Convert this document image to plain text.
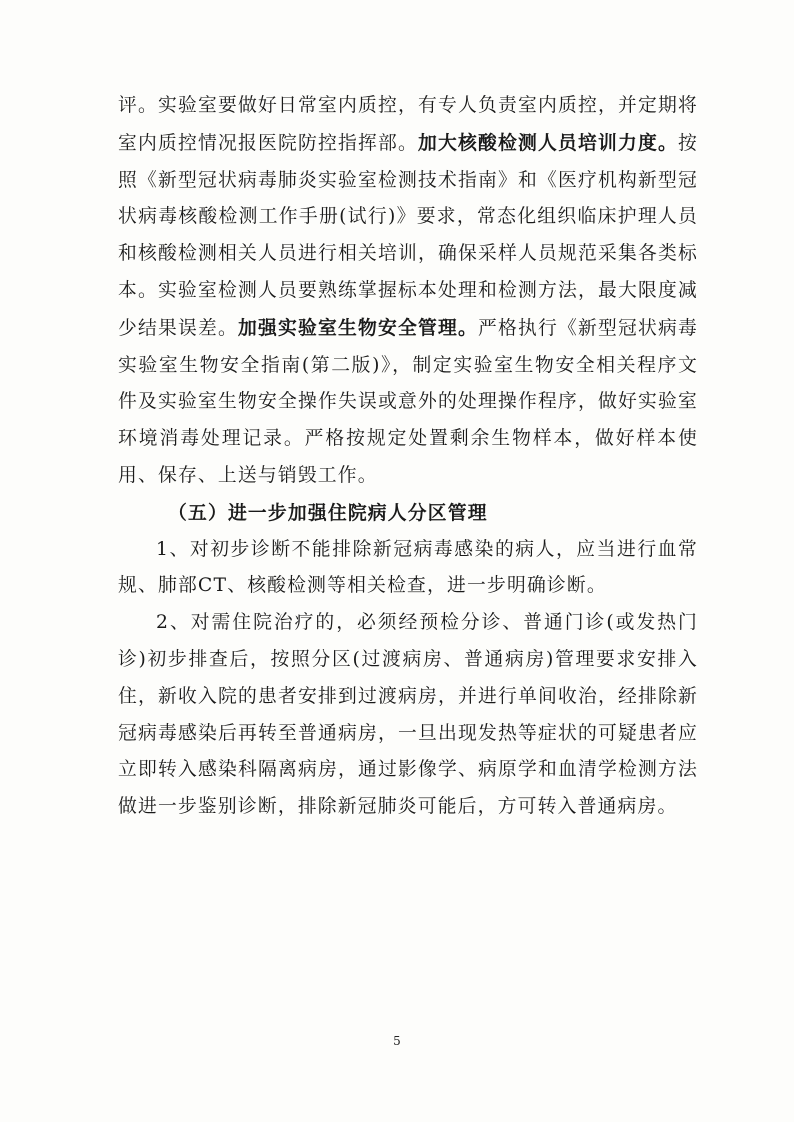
评。实验室要做好日常室内质控，有专人负责室内质控，并定期将室内质控情况报医院防控指挥部。加大核酸检测人员培训力度。按照《新型冠状病毒肺炎实验室检测技术指南》和《医疗机构新型冠状病毒核酸检测工作手册(试行)》要求，常态化组织临床护理人员和核酸检测相关人员进行相关培训，确保采样人员规范采集各类标本。实验室检测人员要熟练掌握标本处理和检测方法，最大限度减少结果误差。加强实验室生物安全管理。严格执行《新型冠状病毒实验室生物安全指南(第二版)》，制定实验室生物安全相关程序文件及实验室生物安全操作失误或意外的处理操作程序，做好实验室环境消毒处理记录。严格按规定处置剩余生物样本，做好样本使用、保存、上送与销毁工作。

（五）进一步加强住院病人分区管理

1、对初步诊断不能排除新冠病毒感染的病人，应当进行血常规、肺部CT、核酸检测等相关检查，进一步明确诊断。

2、对需住院治疗的，必须经预检分诊、普通门诊(或发热门诊)初步排查后，按照分区(过渡病房、普通病房)管理要求安排入住，新收入院的患者安排到过渡病房，并进行单间收治，经排除新冠病毒感染后再转至普通病房，一旦出现发热等症状的可疑患者应立即转入感染科隔离病房，通过影像学、病原学和血清学检测方法做进一步鉴别诊断，排除新冠肺炎可能后，方可转入普通病房。

5
